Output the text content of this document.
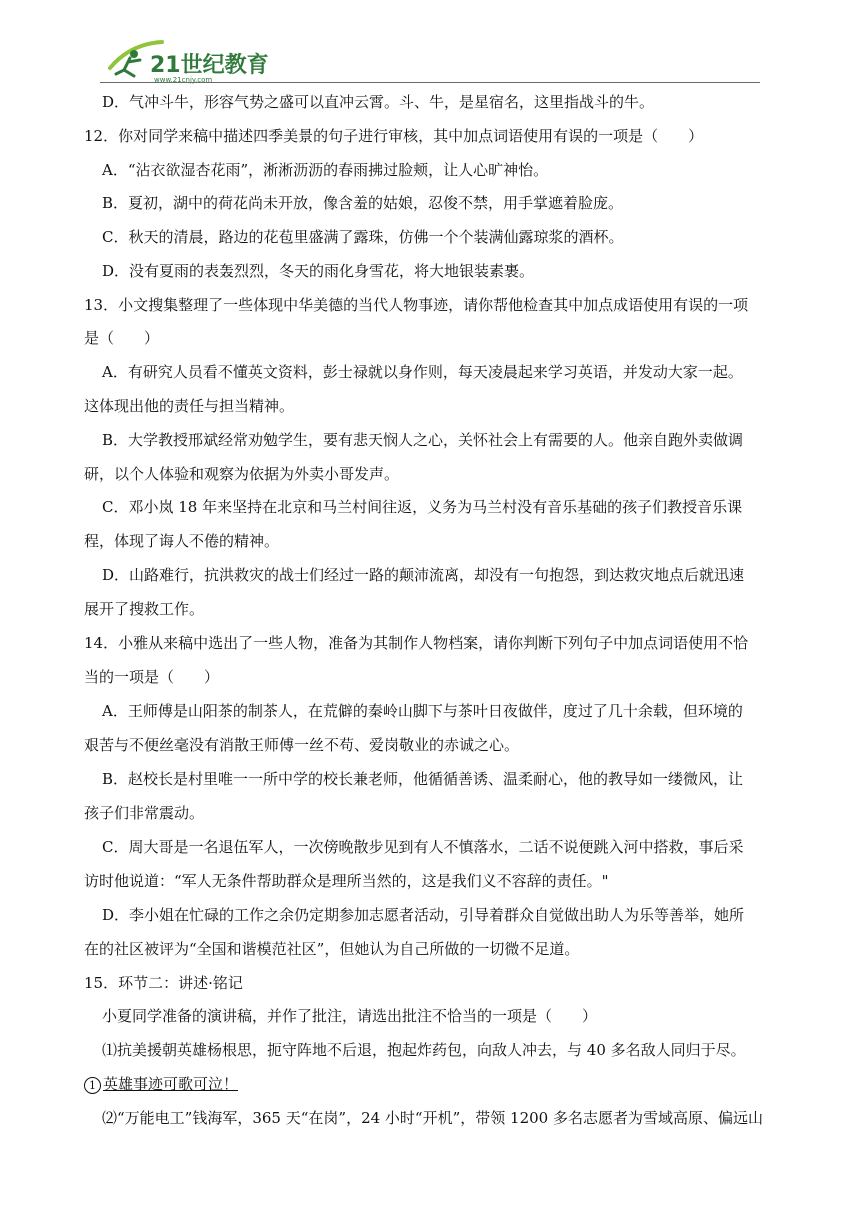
21世纪教育
www.21cnjy.com
D．气冲斗牛，形容气势之盛可以直冲云霄。斗、牛，是星宿名，这里指战斗的牛。
12．你对同学来稿中描述四季美景的句子进行审核，其中加点词语使用有误的一项是（　　）
A．“沾衣欲湿杏花雨”，淅淅沥沥的春雨拂过脸颊，让人心旷神怡。
B．夏初，湖中的荷花尚未开放，像含羞的姑娘，忍俊不禁，用手掌遮着脸庞。
C．秋天的清晨，路边的花苞里盛满了露珠，仿佛一个个装满仙露琼浆的酒杯。
D．没有夏雨的表轰烈烈，冬天的雨化身雪花，将大地银装素裹。
13．小文搜集整理了一些体现中华美德的当代人物事迹，请你帮他检查其中加点成语使用有误的一项
是（　　）
A．有研究人员看不懂英文资料，彭士禄就以身作则，每天凌晨起来学习英语，并发动大家一起。
这体现出他的责任与担当精神。
B．大学教授邢斌经常劝勉学生，要有悲天悯人之心，关怀社会上有需要的人。他亲自跑外卖做调
研，以个人体验和观察为依据为外卖小哥发声。
C．邓小岚 18 年来坚持在北京和马兰村间往返，义务为马兰村没有音乐基础的孩子们教授音乐课
程，体现了诲人不倦的精神。
D．山路难行，抗洪救灾的战士们经过一路的颠沛流离，却没有一句抱怨，到达救灾地点后就迅速
展开了搜救工作。
14．小雅从来稿中选出了一些人物，准备为其制作人物档案，请你判断下列句子中加点词语使用不恰
当的一项是（　　）
A．王师傅是山阳茶的制茶人，在荒僻的秦岭山脚下与茶叶日夜做伴，度过了几十余载，但环境的
艰苦与不便丝毫没有消散王师傅一丝不苟、爱岗敬业的赤诚之心。
B．赵校长是村里唯一一所中学的校长兼老师，他循循善诱、温柔耐心，他的教导如一缕微风，让
孩子们非常震动。
C．周大哥是一名退伍军人，一次傍晚散步见到有人不慎落水，二话不说便跳入河中搭救，事后采
访时他说道：“军人无条件帮助群众是理所当然的，这是我们义不容辞的责任。"
D．李小姐在忙碌的工作之余仍定期参加志愿者活动，引导着群众自觉做出助人为乐等善举，她所
在的社区被评为“全国和谐模范社区”，但她认为自己所做的一切微不足道。
15．环节二：讲述·铭记
小夏同学准备的演讲稿，并作了批注，请选出批注不恰当的一项是（　　）
⑴抗美援朝英雄杨根思，扼守阵地不后退，抱起炸药包，向敌人冲去，与 40 多名敌人同归于尽。
1 英雄事迹可歌可泣！
⑵“万能电工”钱海军，365 天“在岗”，24 小时“开机”，带领 1200 多名志愿者为雪域高原、偏远山
